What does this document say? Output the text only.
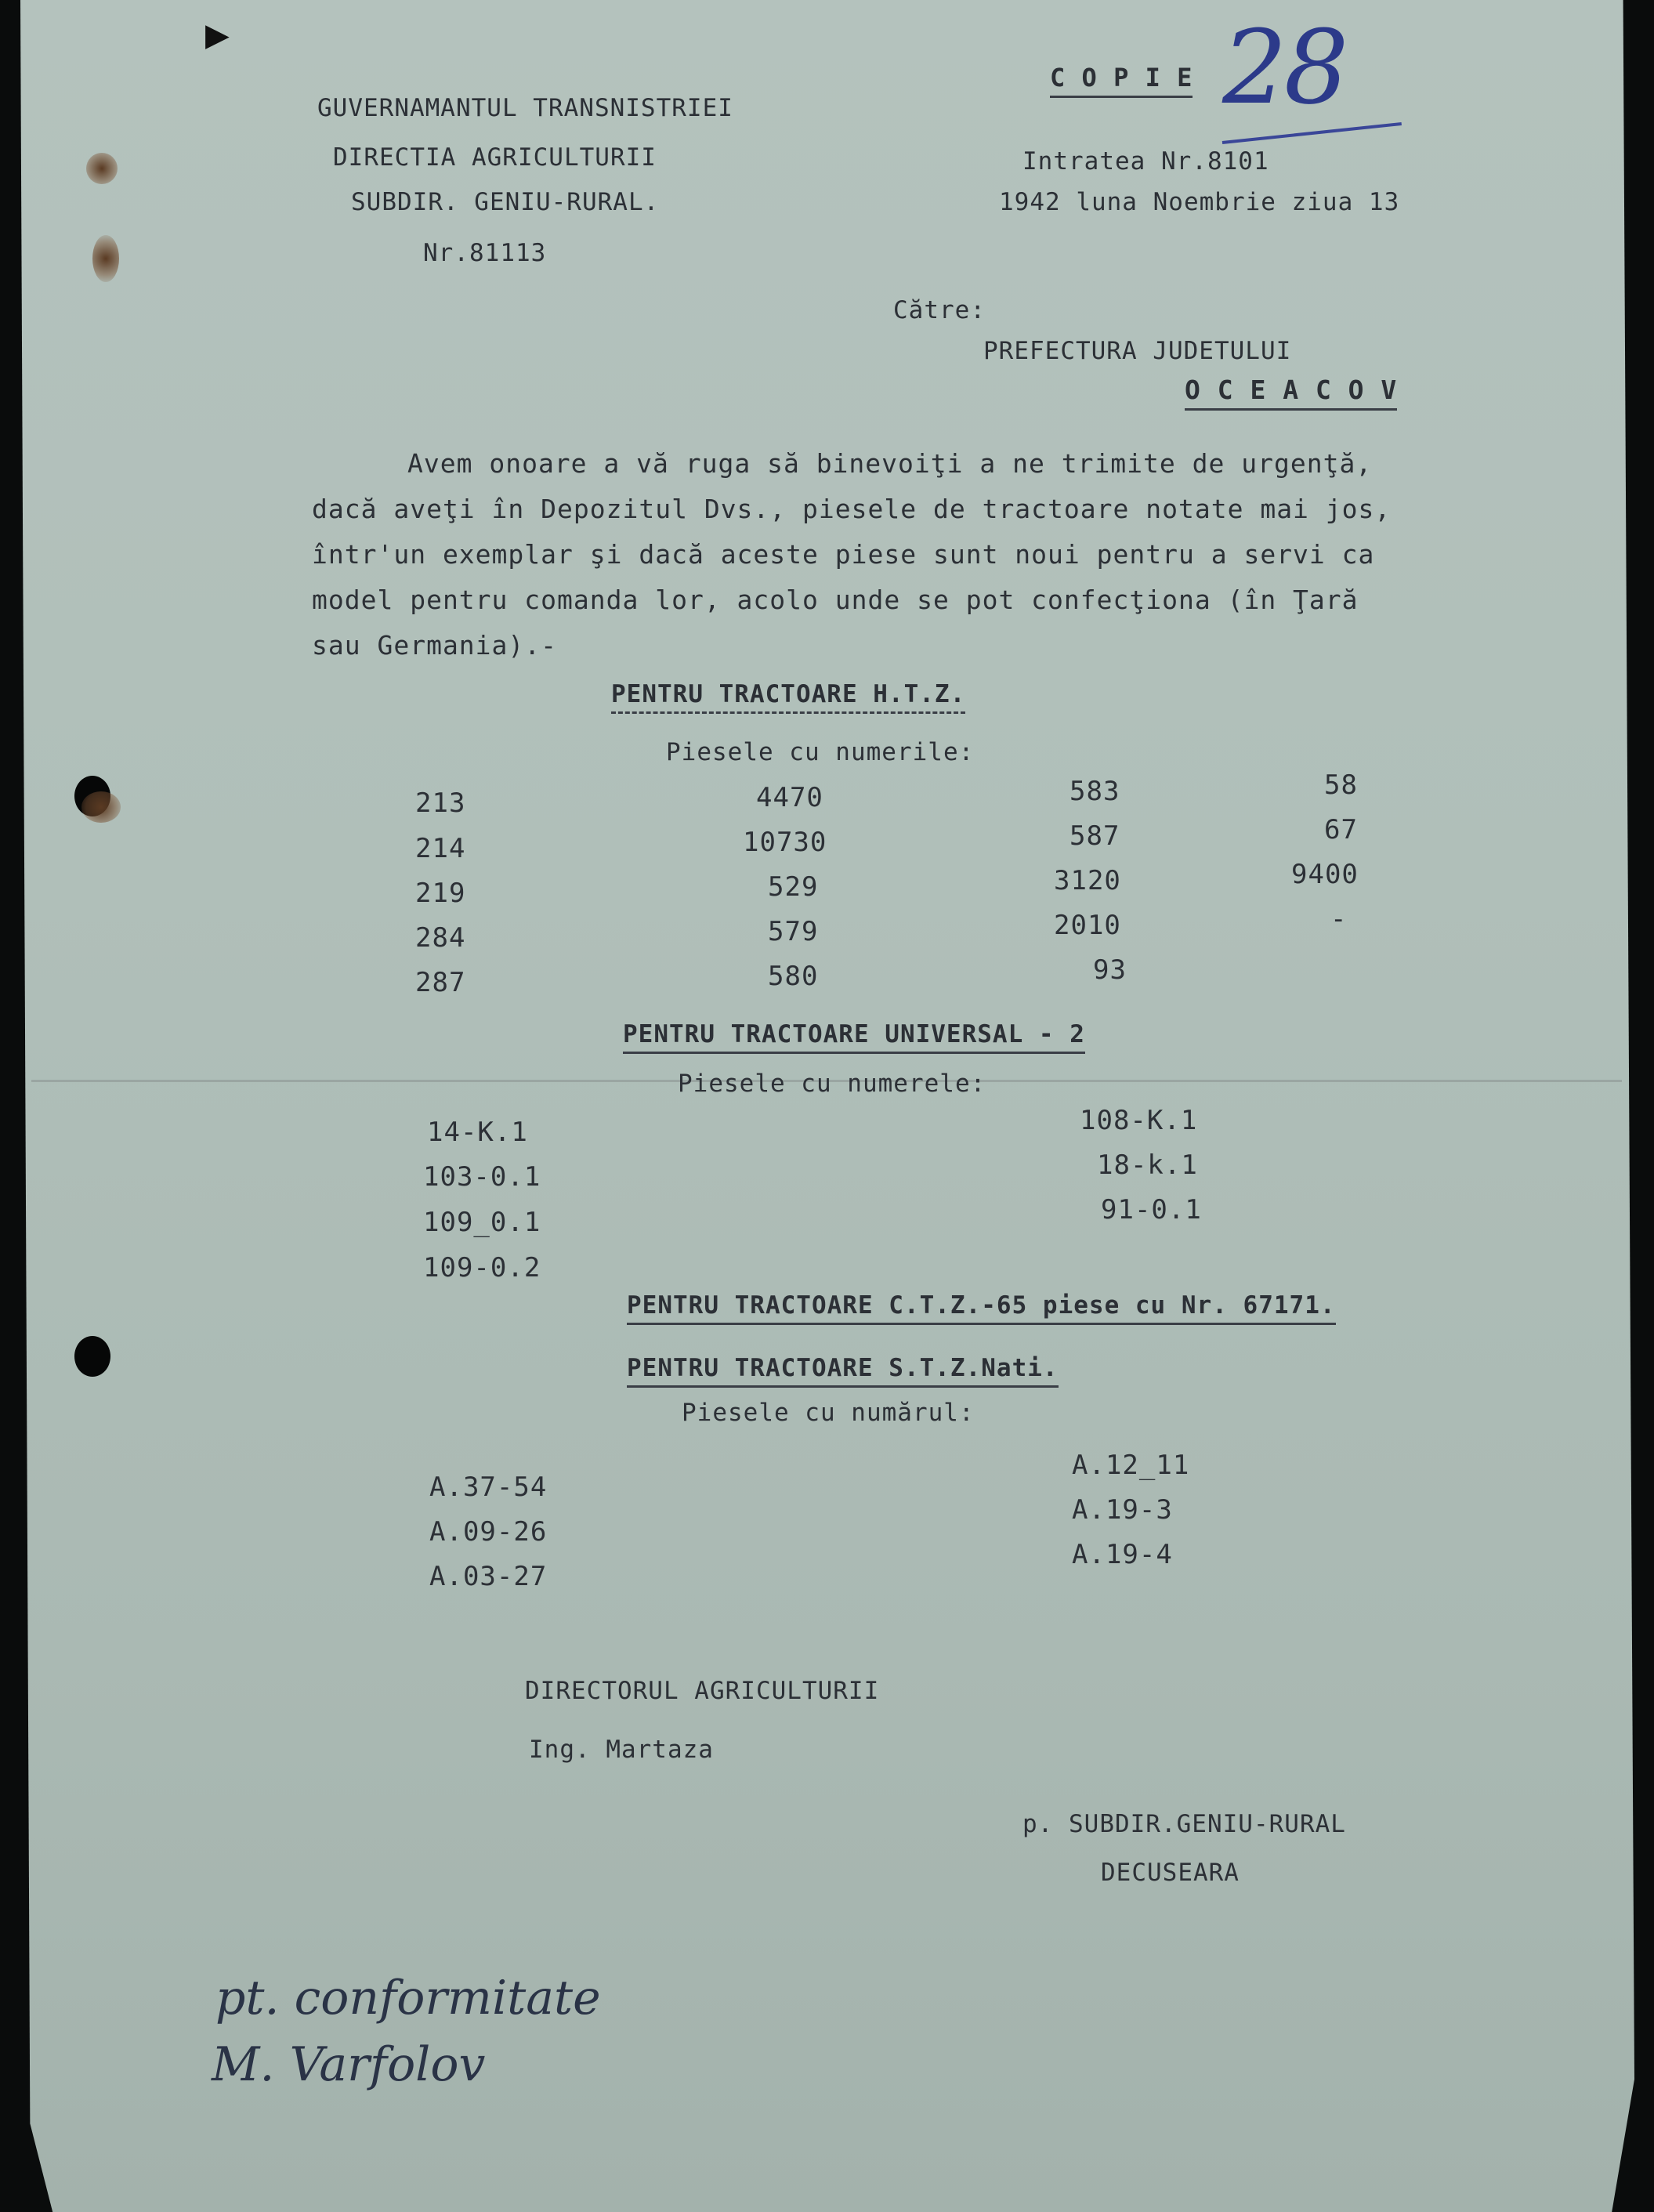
▶
GUVERNAMANTUL TRANSNISTRIEI
DIRECTIA AGRICULTURII
SUBDIR. GENIU-RURAL.
Nr.81113
C O P I E 28
Intratea Nr.8101
1942 luna Noembrie ziua 13
Către:
PREFECTURA JUDETULUI
O C E A C O V
Avem onoare a vă ruga să binevoiţi a ne trimite de urgenţă,
dacă aveţi în Depozitul Dvs., piesele de tractoare notate mai jos,
într'un exemplar şi dacă aceste piese sunt noui pentru a servi ca
model pentru comanda lor, acolo unde se pot confecţiona (în Ţară
sau Germania).-
PENTRU TRACTOARE H.T.Z.
Piesele cu numerile:
213
214
219
284
287
4470
10730
529
579
580
583
587
3120
2010
93
58
67
9400
-
PENTRU TRACTOARE UNIVERSAL - 2
Piesele cu numerele:
14-K.1
103-0.1
109_0.1
109-0.2
108-K.1
18-k.1
91-0.1
PENTRU TRACTOARE C.T.Z.-65 piese cu Nr. 67171.
PENTRU TRACTOARE S.T.Z.Nati.
Piesele cu numărul:
A.37-54
A.09-26
A.03-27
A.12_11
A.19-3
A.19-4
DIRECTORUL AGRICULTURII
Ing. Martaza
p. SUBDIR.GENIU-RURAL
DECUSEARA
pt. conformitate
M. Varfolov
